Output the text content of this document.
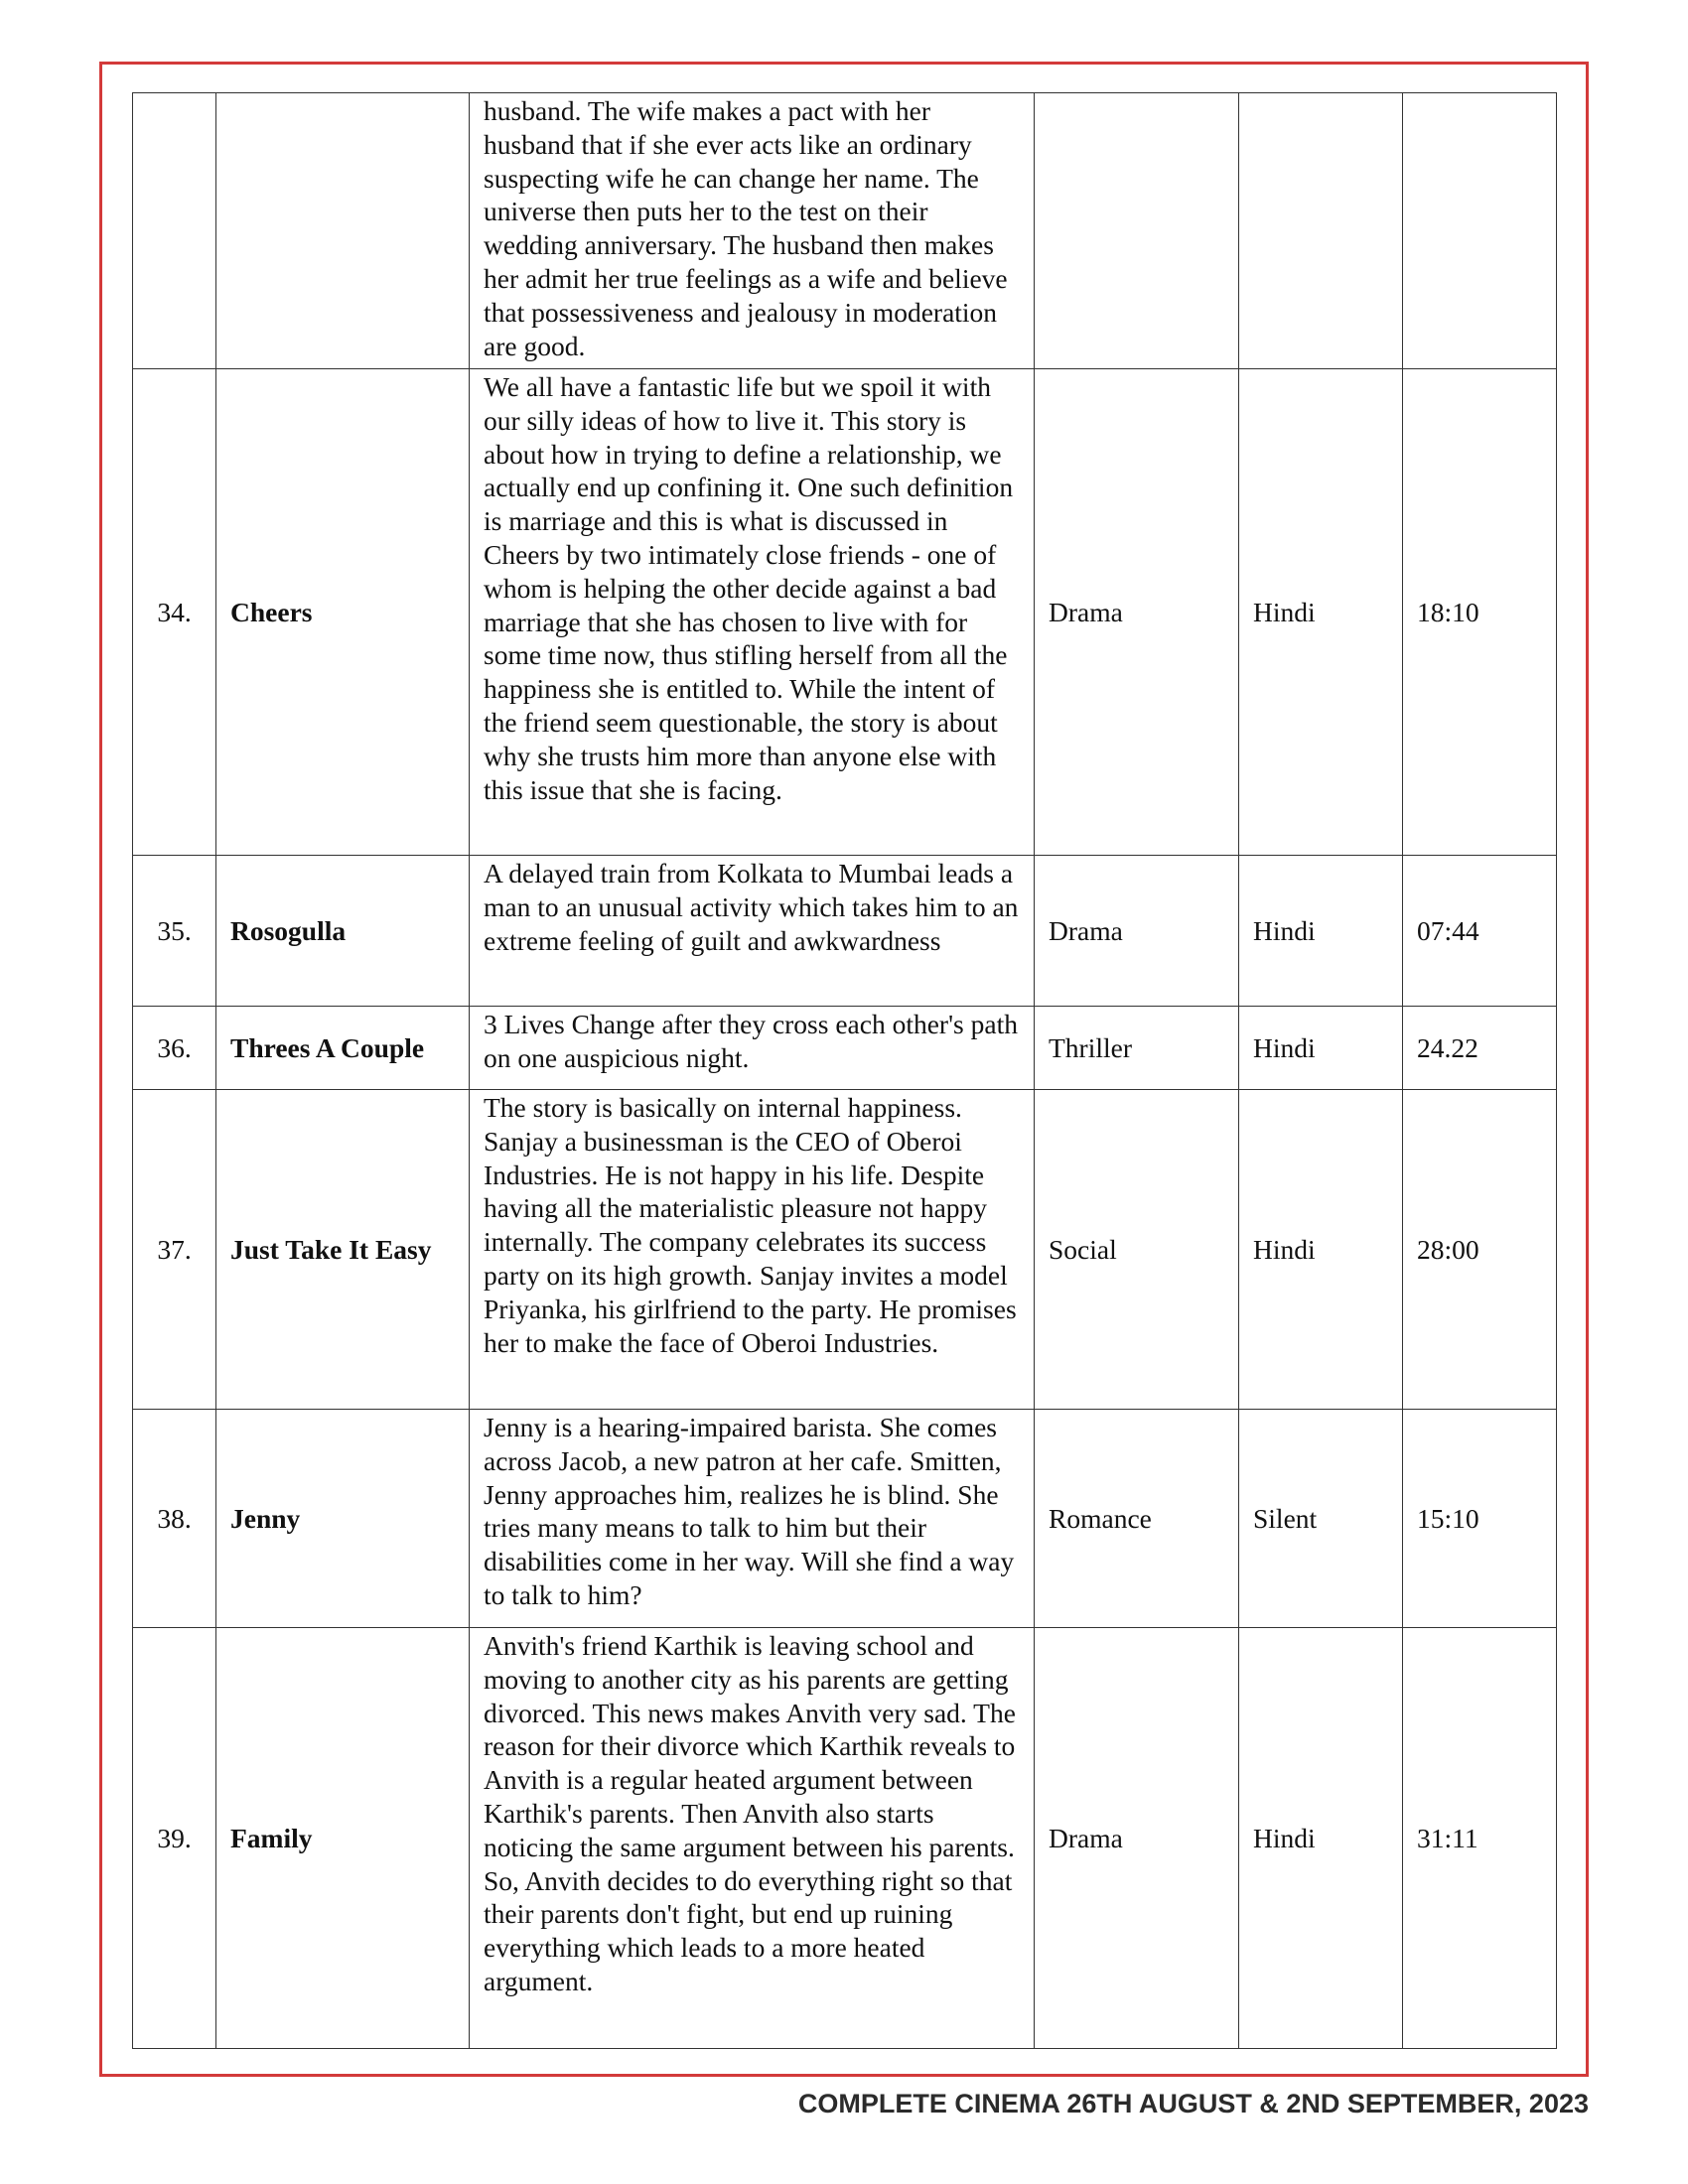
		husband. The wife makes a pact with her husband that if she ever acts like an ordinary suspecting wife he can change her name. The universe then puts her to the test on their wedding anniversary. The husband then makes her admit her true feelings as a wife and believe that possessiveness and jealousy in moderation are good.			
34.	Cheers	We all have a fantastic life but we spoil it with our silly ideas of how to live it. This story is about how in trying to define a relationship, we actually end up confining it. One such definition is marriage and this is what is discussed in Cheers by two intimately close friends - one of whom is helping the other decide against a bad marriage that she has chosen to live with for some time now, thus stifling herself from all the happiness she is entitled to. While the intent of the friend seem questionable, the story is about why she trusts him more than anyone else with this issue that she is facing.	Drama	Hindi	18:10
35.	Rosogulla	A delayed train from Kolkata to Mumbai leads a man to an unusual activity which takes him to an extreme feeling of guilt and awkwardness	Drama	Hindi	07:44
36.	Threes A Couple	3 Lives Change after they cross each other's path on one auspicious night.	Thriller	Hindi	24.22
37.	Just Take It Easy	The story is basically on internal happiness. Sanjay a businessman is the CEO of Oberoi Industries. He is not happy in his life. Despite having all the materialistic pleasure not happy internally. The company celebrates its success party on its high growth. Sanjay invites a model Priyanka, his girlfriend to the party. He promises her to make the face of Oberoi Industries.	Social	Hindi	28:00
38.	Jenny	Jenny is a hearing-impaired barista. She comes across Jacob, a new patron at her cafe. Smitten, Jenny approaches him, realizes he is blind. She tries many means to talk to him but their disabilities come in her way. Will she find a way to talk to him?	Romance	Silent	15:10
39.	Family	Anvith's friend Karthik is leaving school and moving to another city as his parents are getting divorced. This news makes Anvith very sad. The reason for their divorce which Karthik reveals to Anvith is a regular heated argument between Karthik's parents. Then Anvith also starts noticing the same argument between his parents. So, Anvith decides to do everything right so that their parents don't fight, but end up ruining everything which leads to a more heated argument.	Drama	Hindi	31:11
COMPLETE CINEMA 26TH AUGUST & 2ND SEPTEMBER, 2023
